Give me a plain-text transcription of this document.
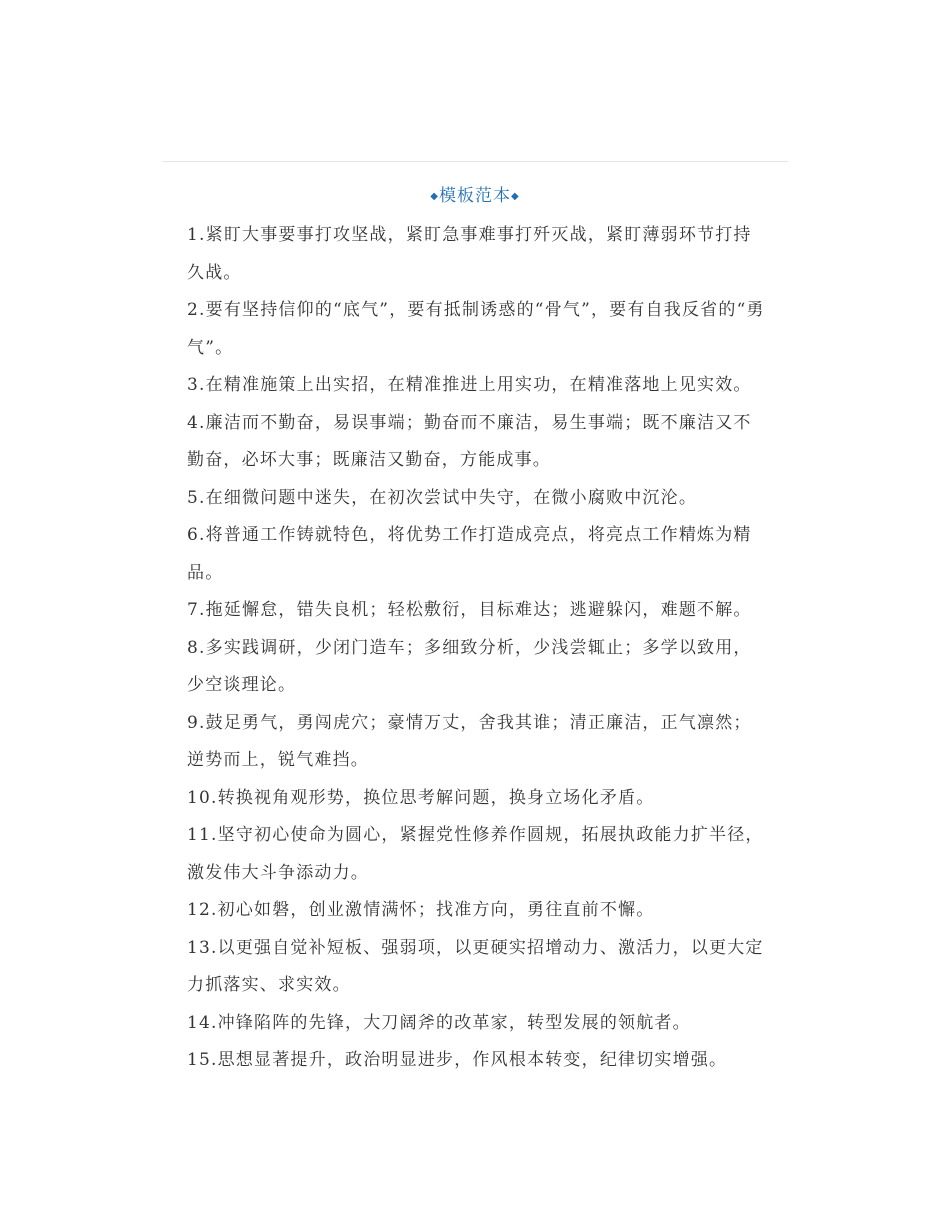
◆模板范本◆

1.紧盯大事要事打攻坚战，紧盯急事难事打歼灭战，紧盯薄弱环节打持久战。

2.要有坚持信仰的“底气”，要有抵制诱惑的“骨气”，要有自我反省的“勇气”。

3.在精准施策上出实招，在精准推进上用实功，在精准落地上见实效。

4.廉洁而不勤奋，易误事端；勤奋而不廉洁，易生事端；既不廉洁又不勤奋，必坏大事；既廉洁又勤奋，方能成事。

5.在细微问题中迷失，在初次尝试中失守，在微小腐败中沉沦。

6.将普通工作铸就特色，将优势工作打造成亮点，将亮点工作精炼为精品。

7.拖延懈怠，错失良机；轻松敷衍，目标难达；逃避躲闪，难题不解。

8.多实践调研，少闭门造车；多细致分析，少浅尝辄止；多学以致用，少空谈理论。

9.鼓足勇气，勇闯虎穴；豪情万丈，舍我其谁；清正廉洁，正气凛然；逆势而上，锐气难挡。

10.转换视角观形势，换位思考解问题，换身立场化矛盾。

11.坚守初心使命为圆心，紧握党性修养作圆规，拓展执政能力扩半径，激发伟大斗争添动力。

12.初心如磐，创业激情满怀；找准方向，勇往直前不懈。

13.以更强自觉补短板、强弱项，以更硬实招增动力、激活力，以更大定力抓落实、求实效。

14.冲锋陷阵的先锋，大刀阔斧的改革家，转型发展的领航者。

15.思想显著提升，政治明显进步，作风根本转变，纪律切实增强。
